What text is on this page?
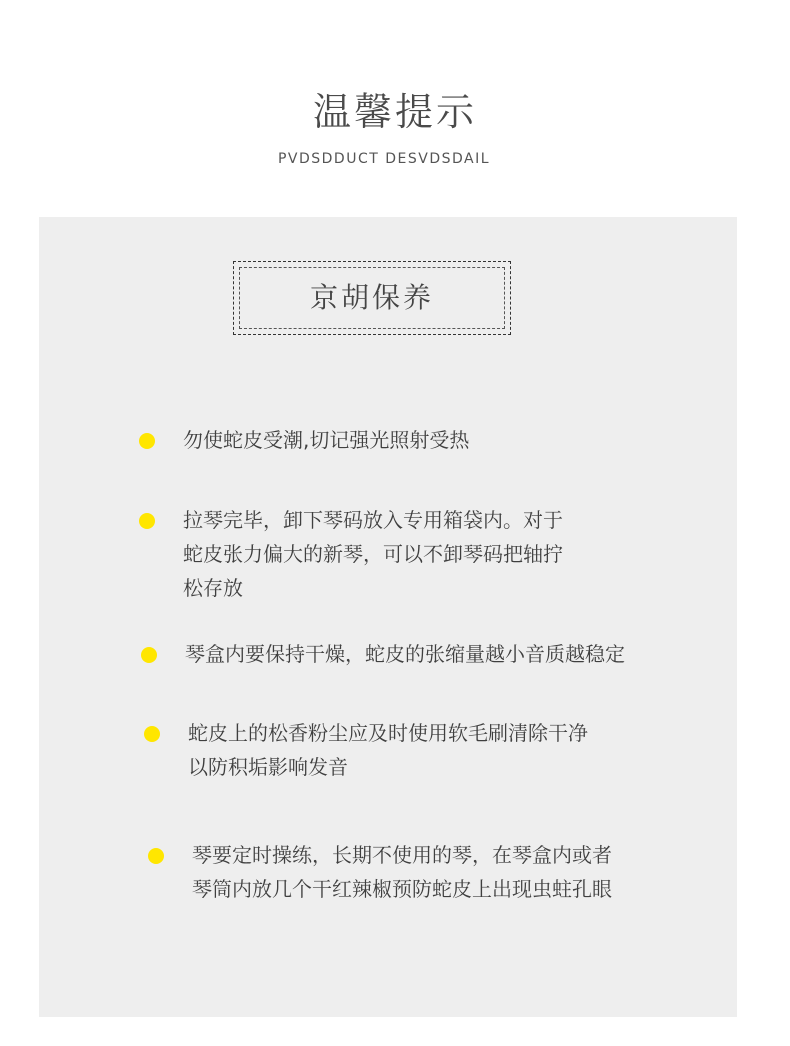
温馨提示
PVDSDDUCT DESVDSDAIL
京胡保养
勿使蛇皮受潮,切记强光照射受热
拉琴完毕，卸下琴码放入专用箱袋内。对于
蛇皮张力偏大的新琴，可以不卸琴码把轴拧
松存放
琴盒内要保持干燥，蛇皮的张缩量越小音质越稳定
蛇皮上的松香粉尘应及时使用软毛刷清除干净
以防积垢影响发音
琴要定时操练，长期不使用的琴，在琴盒内或者
琴筒内放几个干红辣椒预防蛇皮上出现虫蛀孔眼
